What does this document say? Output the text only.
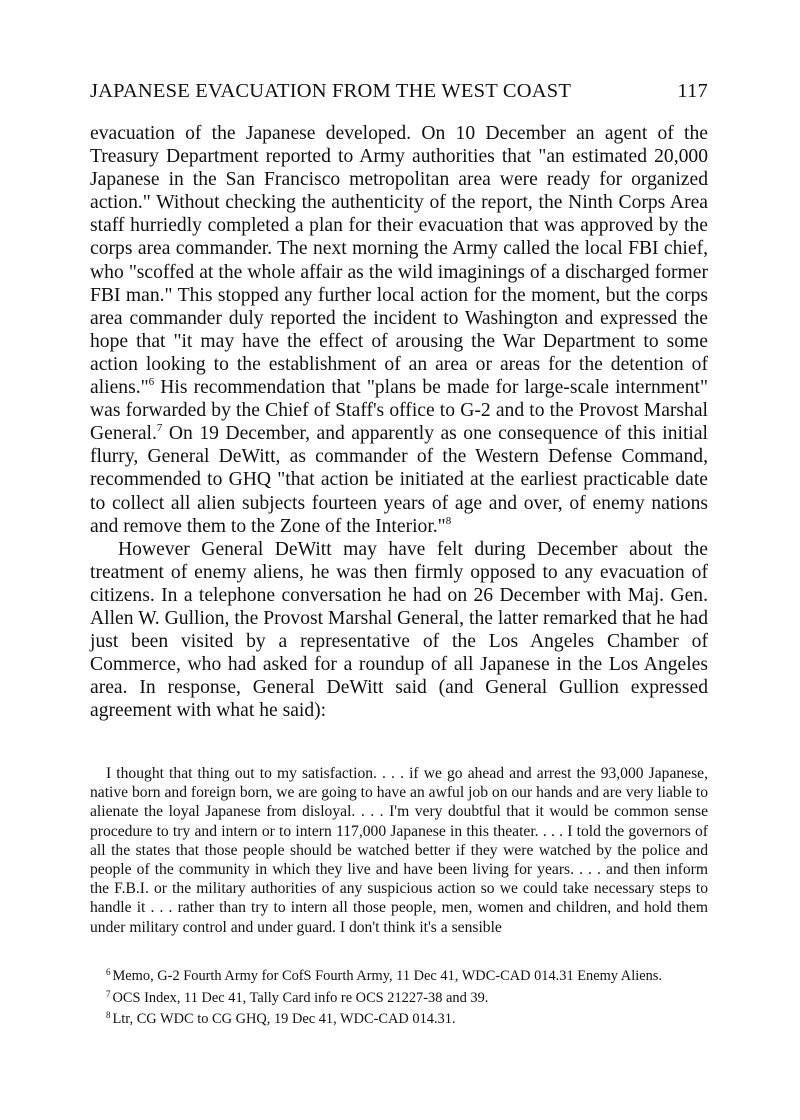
JAPANESE EVACUATION FROM THE WEST COAST	117

evacuation of the Japanese developed. On 10 December an agent of the Treasury Department reported to Army authorities that "an estimated 20,000 Japanese in the San Francisco metropolitan area were ready for organized action." Without checking the authenticity of the report, the Ninth Corps Area staff hurriedly completed a plan for their evacuation that was approved by the corps area commander. The next morning the Army called the local FBI chief, who "scoffed at the whole affair as the wild imaginings of a discharged former FBI man." This stopped any further local action for the moment, but the corps area commander duly reported the incident to Washington and expressed the hope that "it may have the effect of arousing the War Department to some action looking to the establishment of an area or areas for the detention of aliens."$^6$ His recommendation that "plans be made for large-scale internment" was forwarded by the Chief of Staff's office to G-2 and to the Provost Marshal General.$^7$ On 19 December, and apparently as one consequence of this initial flurry, General DeWitt, as commander of the Western Defense Command, recommended to GHQ "that action be initiated at the earliest practicable date to collect all alien subjects fourteen years of age and over, of enemy nations and remove them to the Zone of the Interior."$^8$

However General DeWitt may have felt during December about the treatment of enemy aliens, he was then firmly opposed to any evacuation of citizens. In a telephone conversation he had on 26 December with Maj. Gen. Allen W. Gullion, the Provost Marshal General, the latter remarked that he had just been visited by a representative of the Los Angeles Chamber of Commerce, who had asked for a roundup of all Japanese in the Los Angeles area. In response, General DeWitt said (and General Gullion expressed agreement with what he said):

I thought that thing out to my satisfaction. . . . if we go ahead and arrest the 93,000 Japanese, native born and foreign born, we are going to have an awful job on our hands and are very liable to alienate the loyal Japanese from disloyal. . . . I'm very doubtful that it would be common sense procedure to try and intern or to intern 117,000 Japanese in this theater. . . . I told the governors of all the states that those people should be watched better if they were watched by the police and people of the community in which they live and have been living for years. . . . and then inform the F.B.I. or the military authorities of any suspicious action so we could take necessary steps to handle it . . . rather than try to intern all those people, men, women and children, and hold them under military control and under guard. I don't think it's a sensible

$^6$ Memo, G-2 Fourth Army for CofS Fourth Army, 11 Dec 41, WDC-CAD 014.31 Enemy Aliens.

$^7$ OCS Index, 11 Dec 41, Tally Card info re OCS 21227-38 and 39.

$^8$ Ltr, CG WDC to CG GHQ, 19 Dec 41, WDC-CAD 014.31.
